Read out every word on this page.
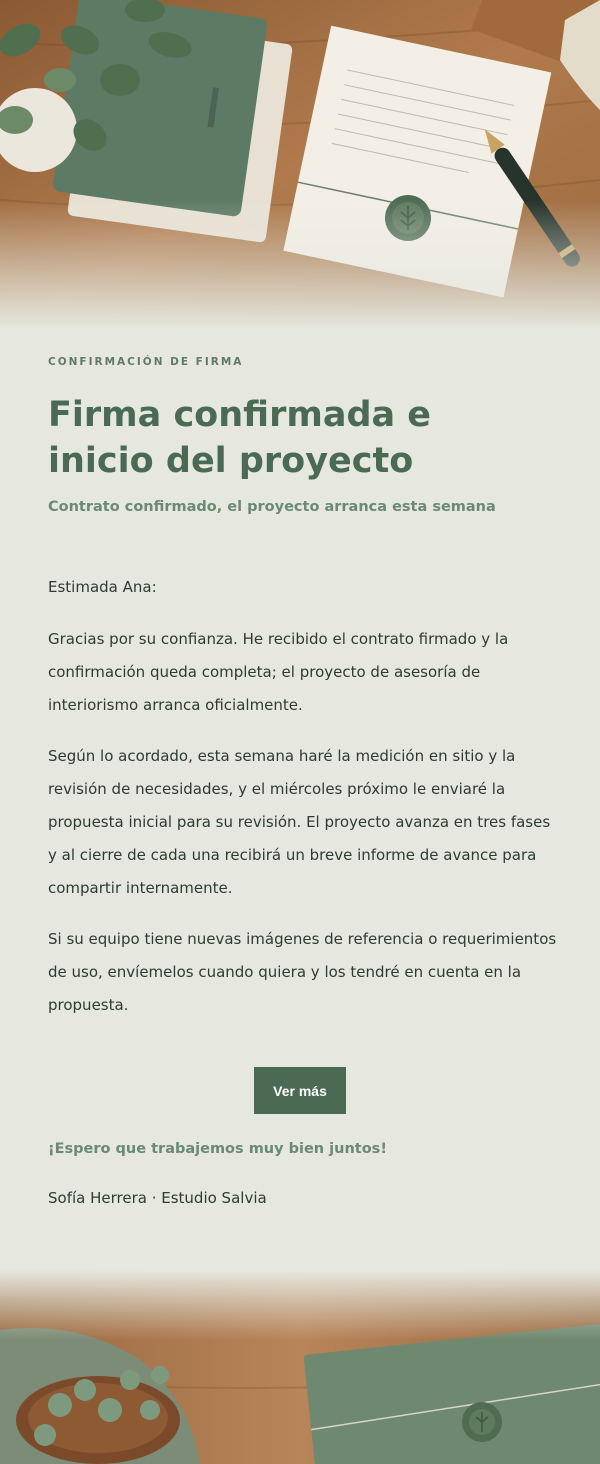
CONFIRMACIÓN DE FIRMA
Firma confirmada e inicio del proyecto

Contrato confirmado, el proyecto arranca esta semana

Estimada Ana:

Gracias por su confianza. He recibido el contrato firmado y la confirmación queda completa; el proyecto de asesoría de interiorismo arranca oficialmente.

Según lo acordado, esta semana haré la medición en sitio y la revisión de necesidades, y el miércoles próximo le enviaré la propuesta inicial para su revisión. El proyecto avanza en tres fases y al cierre de cada una recibirá un breve informe de avance para compartir internamente.

Si su equipo tiene nuevas imágenes de referencia o requerimientos de uso, envíemelos cuando quiera y los tendré en cuenta en la propuesta.

Ver más

¡Espero que trabajemos muy bien juntos!

Sofía Herrera · Estudio Salvia
